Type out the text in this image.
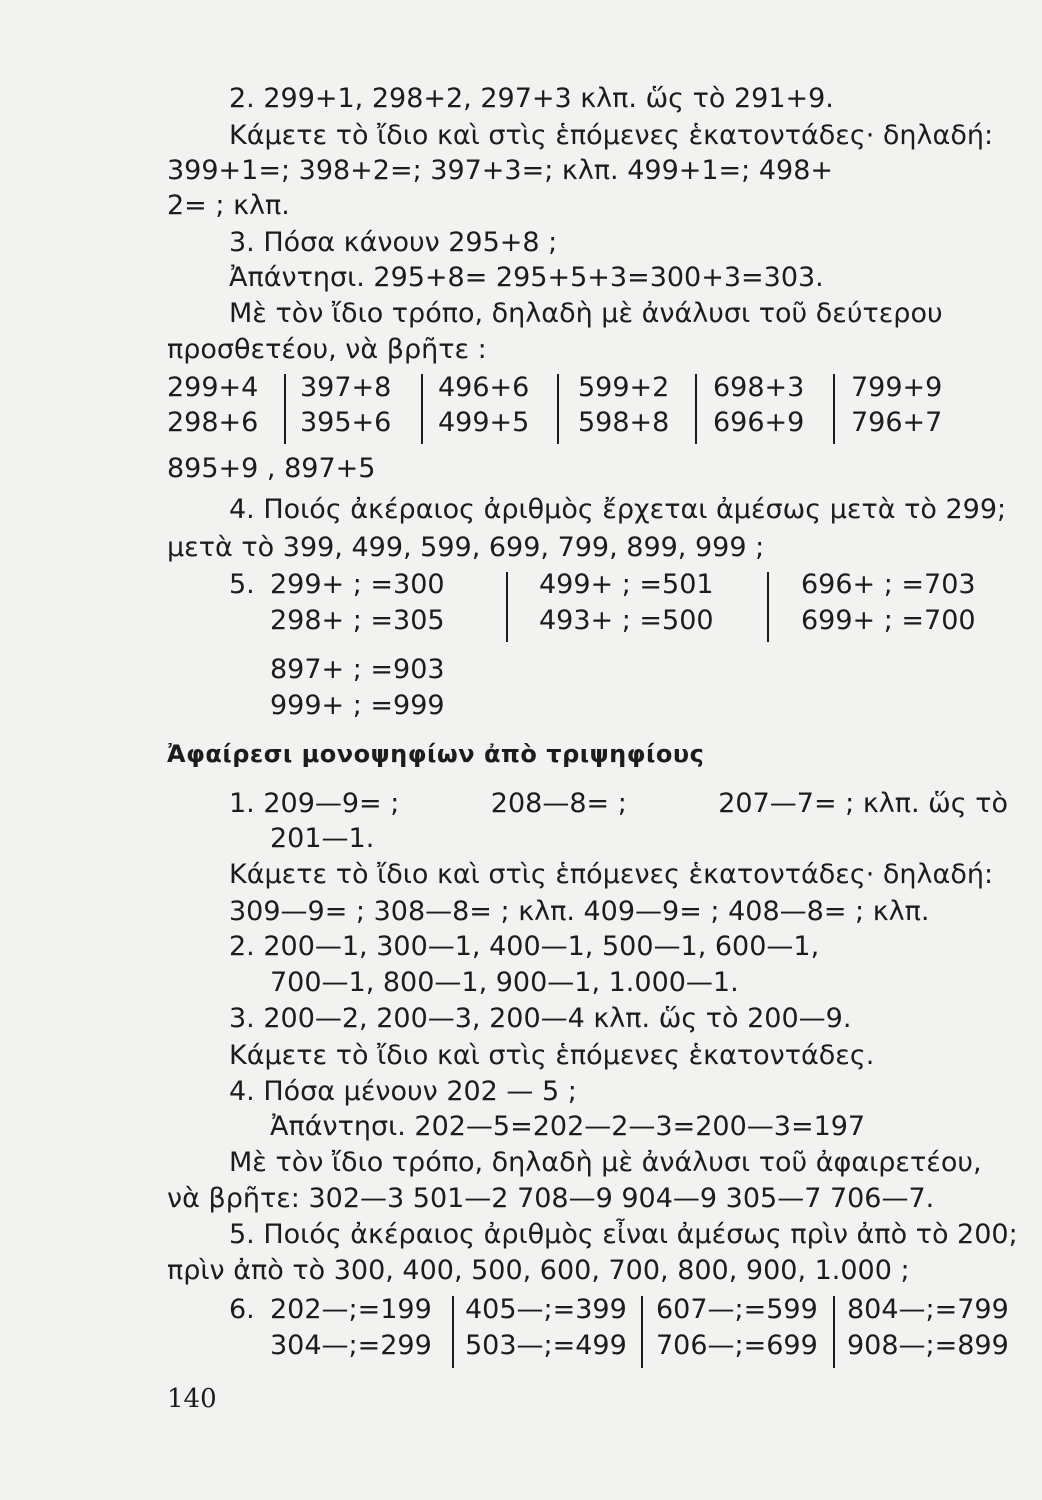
2. 299+1, 298+2, 297+3 κλπ. ὥς τὸ 291+9.
Κάμετε τὸ ἴδιο καὶ στὶς ἑπόμενες ἑκατοντάδες· δηλαδή:
399+1=; 398+2=; 397+3=; κλπ. 499+1=; 498+
2= ; κλπ.
3. Πόσα κάνουν 295+8 ;
Ἀπάντησι. 295+8= 295+5+3=300+3=303.
Μὲ τὸν ἴδιο τρόπο, δηλαδὴ μὲ ἀνάλυσι τοῦ δεύτερου
προσθετέου, νὰ βρῆτε :
299+4 397+8 496+6 599+2 698+3 799+9
298+6 395+6 499+5 598+8 696+9 796+7
895+9 , 897+5
4. Ποιός ἀκέραιος ἀριθμὸς ἔρχεται ἀμέσως μετὰ τὸ 299;
μετὰ τὸ 399, 499, 599, 699, 799, 899, 999 ;
5. 299+ ; =300
298+ ; =305
499+ ; =501
493+ ; =500
696+ ; =703
699+ ; =700
897+ ; =903
999+ ; =999
Ἀφαίρεσι μονοψηφίων ἀπὸ τριψηφίους
1. 209—9= ;	208—8= ;	207—7= ; κλπ. ὥς τὸ
201—1.
Κάμετε τὸ ἴδιο καὶ στὶς ἑπόμενες ἑκατοντάδες· δηλαδή:
309—9= ; 308—8= ; κλπ. 409—9= ; 408—8= ; κλπ.
2. 200—1, 300—1, 400—1, 500—1, 600—1,
700—1, 800—1, 900—1, 1.000—1.
3. 200—2, 200—3, 200—4 κλπ. ὥς τὸ 200—9.
Κάμετε τὸ ἴδιο καὶ στὶς ἑπόμενες ἑκατοντάδες.
4. Πόσα μένουν 202 — 5 ;
Ἀπάντησι. 202—5=202—2—3=200—3=197
Μὲ τὸν ἴδιο τρόπο, δηλαδὴ μὲ ἀνάλυσι τοῦ ἀφαιρετέου,
νὰ βρῆτε: 302—3 501—2 708—9 904—9 305—7 706—7.
5. Ποιός ἀκέραιος ἀριθμὸς εἶναι ἀμέσως πρὶν ἀπὸ τὸ 200;
πρὶν ἀπὸ τὸ 300, 400, 500, 600, 700, 800, 900, 1.000 ;
6. 202—;=199 405—;=399 607—;=599 804—;=799
304—;=299 503—;=499 706—;=699 908—;=899
140
